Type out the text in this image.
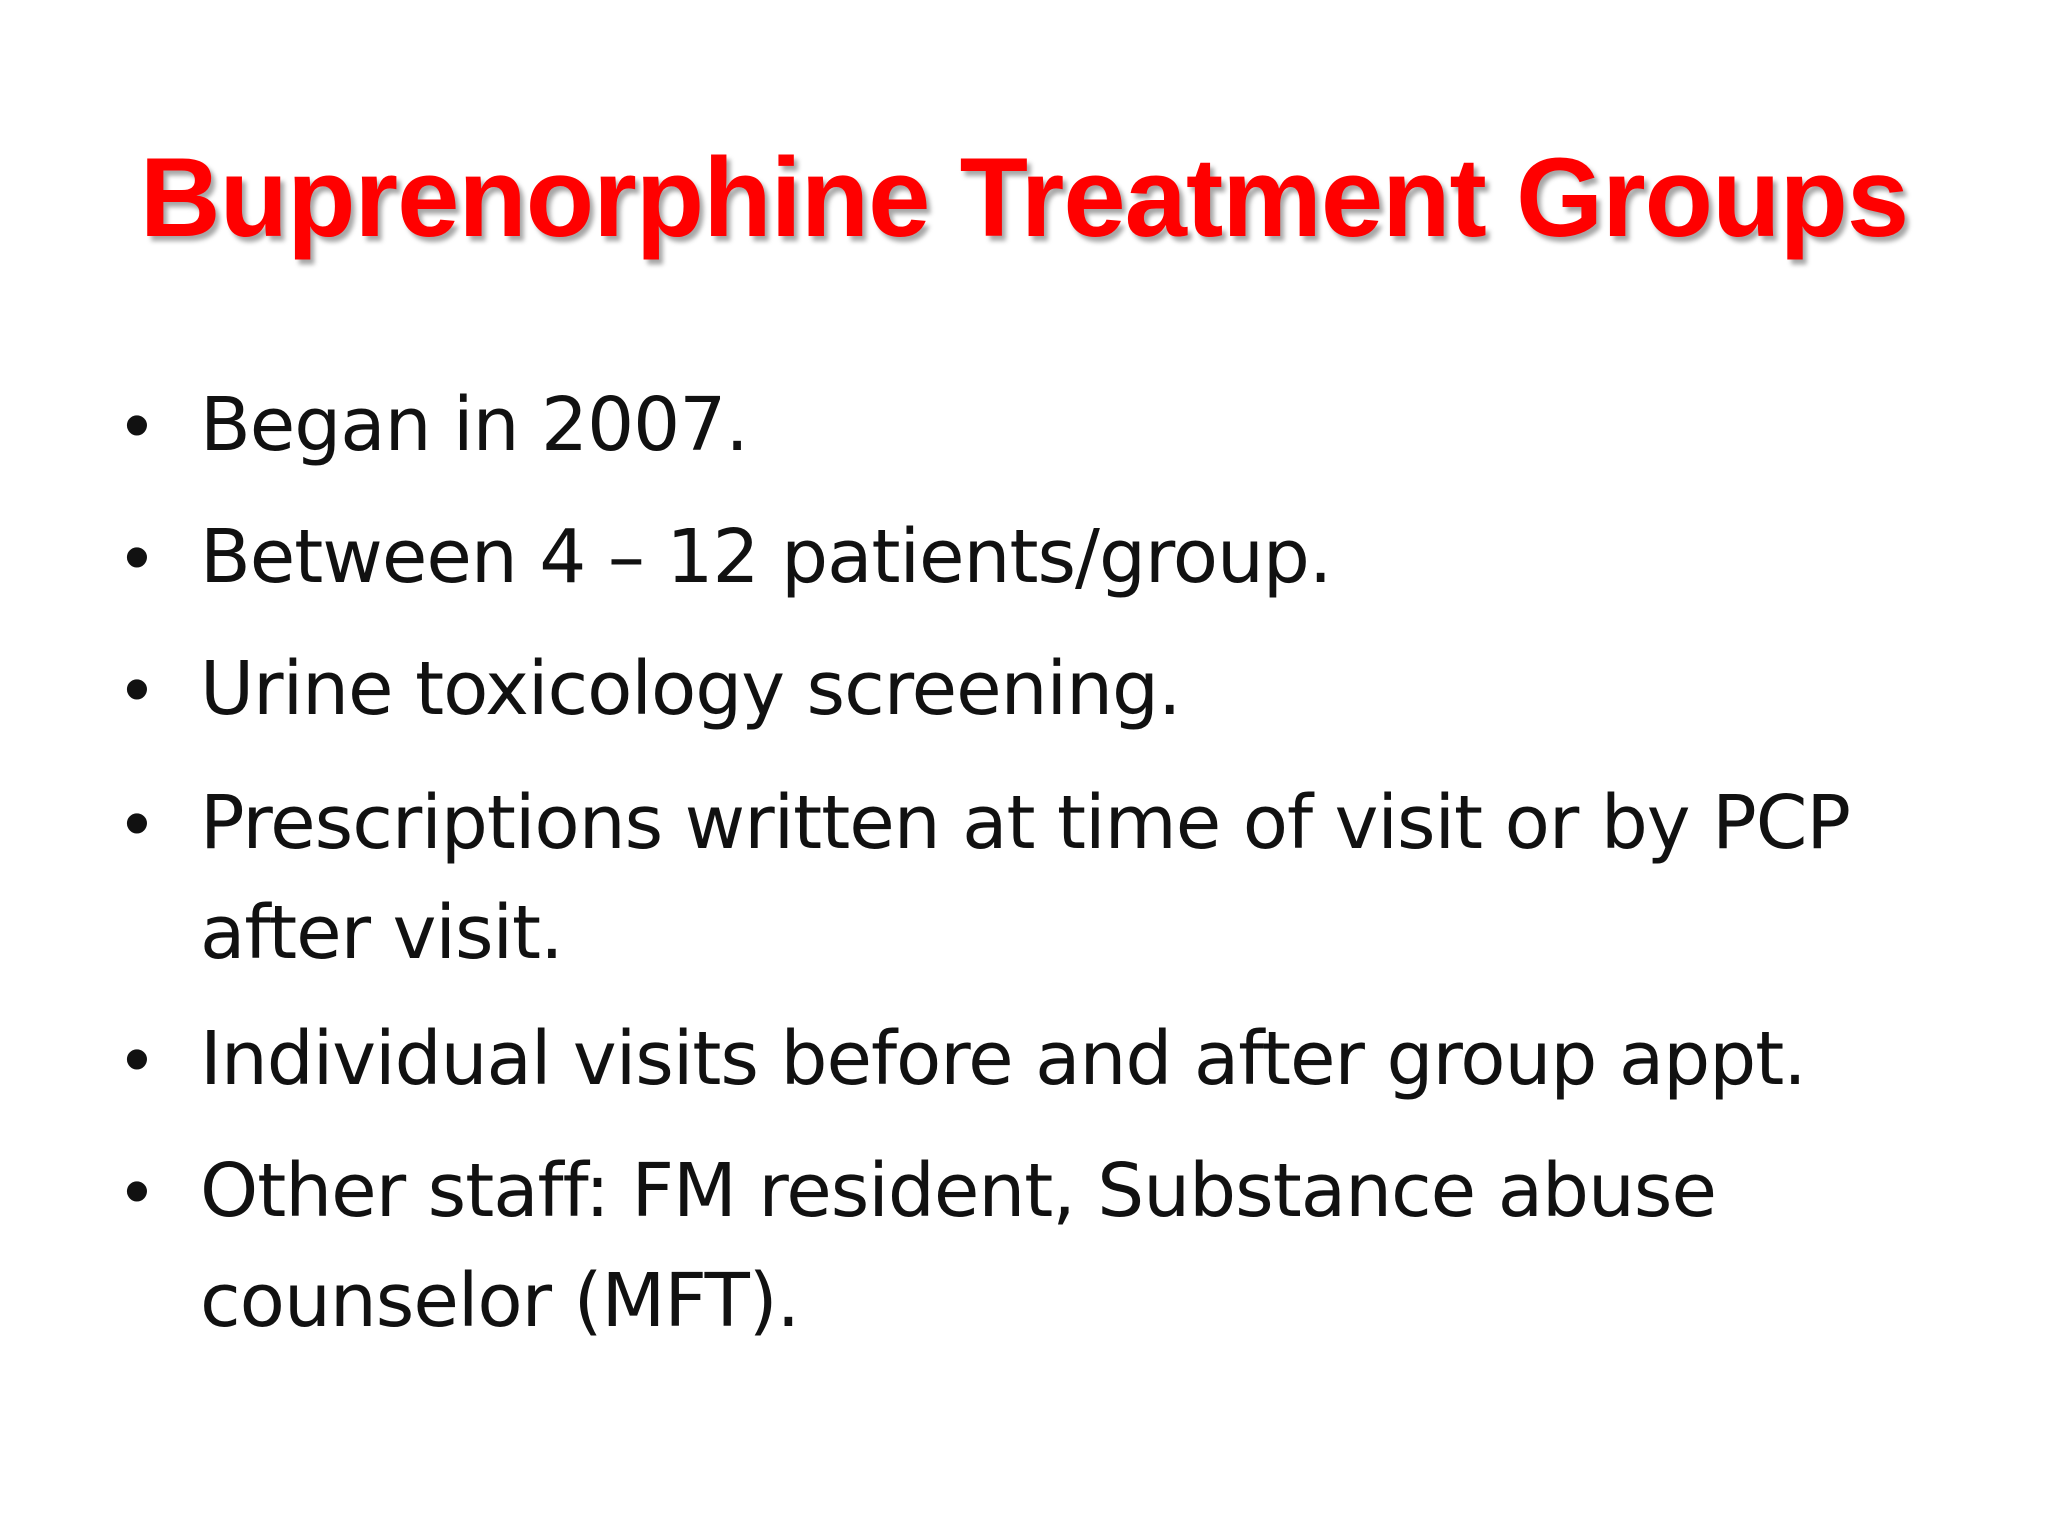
Buprenorphine Treatment Groups
• Began in 2007.
• Between 4 – 12 patients/group.
• Urine toxicology screening.
• Prescriptions written at time of visit or by PCP after visit.
• Individual visits before and after group appt.
• Other staff: FM resident, Substance abuse counselor (MFT).
